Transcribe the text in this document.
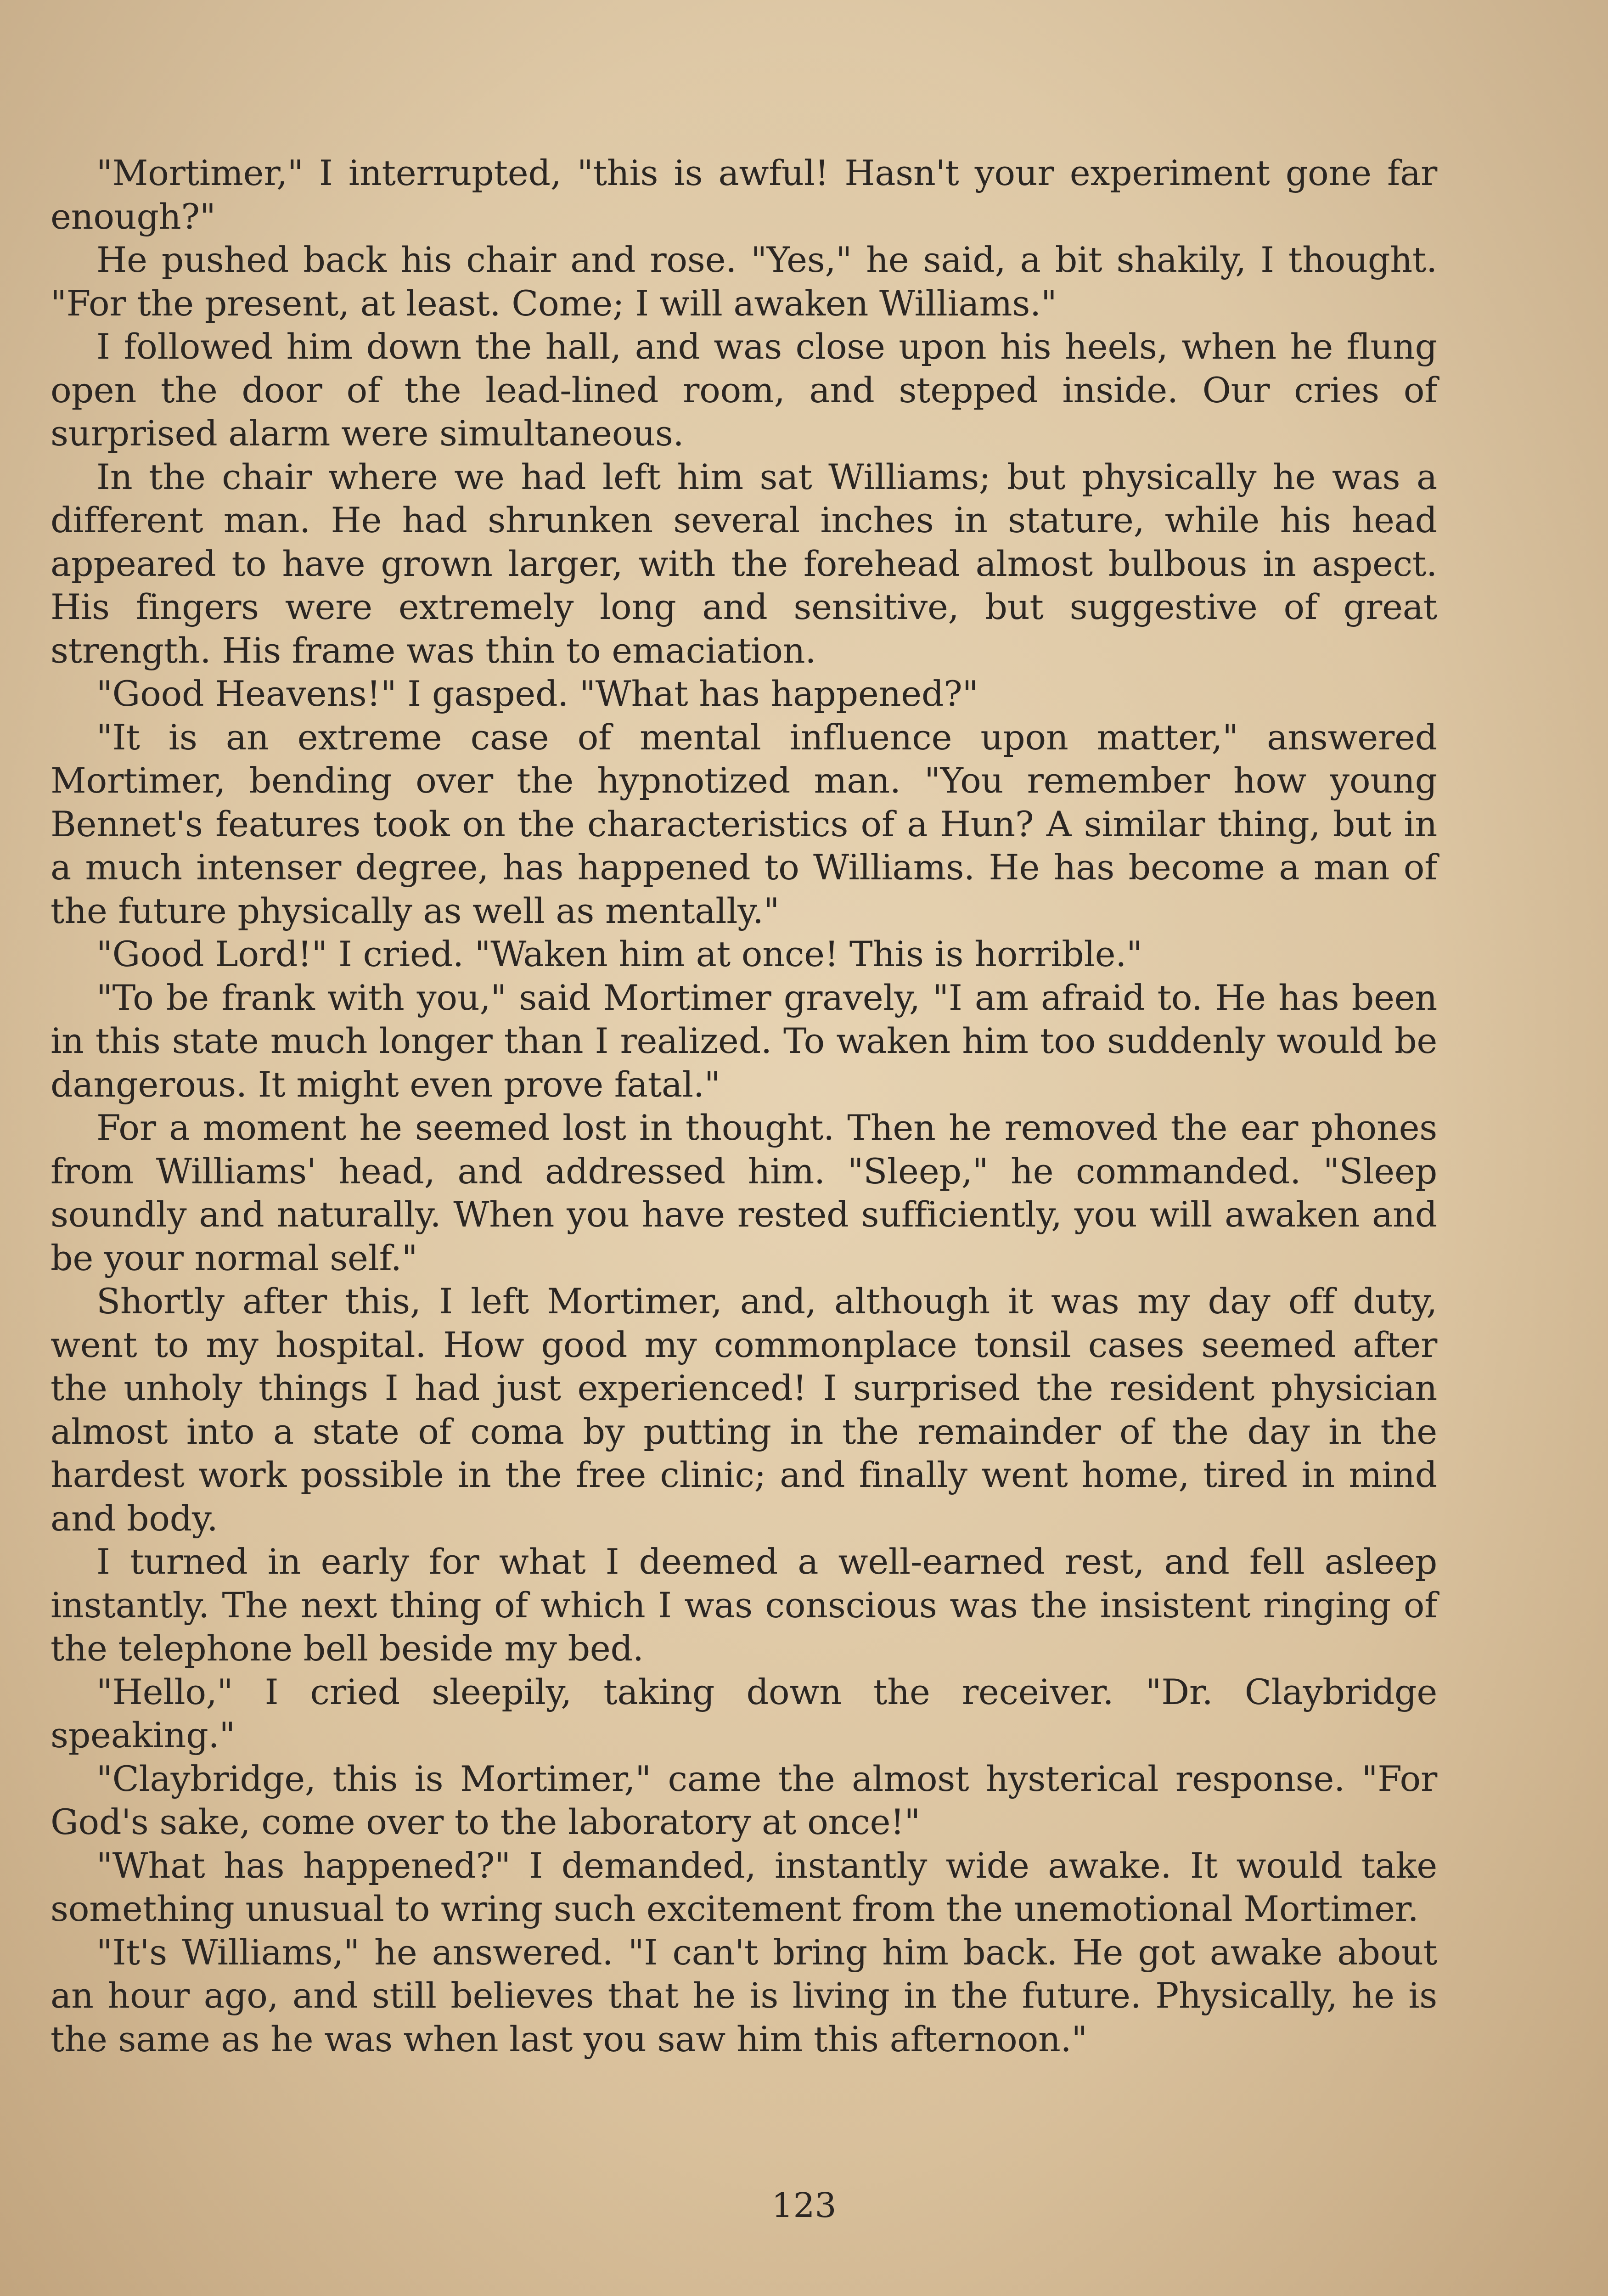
"Mortimer," I interrupted, "this is awful! Hasn't your experiment gone far enough?"

He pushed back his chair and rose. "Yes," he said, a bit shakily, I thought. "For the present, at least. Come; I will awaken Williams."

I followed him down the hall, and was close upon his heels, when he flung open the door of the lead-lined room, and stepped inside. Our cries of surprised alarm were simultaneous.

In the chair where we had left him sat Williams; but physically he was a different man. He had shrunken several inches in stature, while his head appeared to have grown larger, with the forehead almost bulbous in aspect. His fingers were extremely long and sensitive, but suggestive of great strength. His frame was thin to emaciation.

"Good Heavens!" I gasped. "What has happened?"

"It is an extreme case of mental influence upon matter," answered Mortimer, bending over the hypnotized man. "You remember how young Bennet's features took on the characteristics of a Hun? A similar thing, but in a much intenser degree, has happened to Williams. He has become a man of the future physically as well as mentally."

"Good Lord!" I cried. "Waken him at once! This is horrible."

"To be frank with you," said Mortimer gravely, "I am afraid to. He has been in this state much longer than I realized. To waken him too suddenly would be dangerous. It might even prove fatal."

For a moment he seemed lost in thought. Then he removed the ear phones from Williams' head, and addressed him. "Sleep," he commanded. "Sleep soundly and naturally. When you have rested sufficiently, you will awaken and be your normal self."

Shortly after this, I left Mortimer, and, although it was my day off duty, went to my hospital. How good my commonplace tonsil cases seemed after the unholy things I had just experienced! I surprised the resident physician almost into a state of coma by putting in the remainder of the day in the hardest work possible in the free clinic; and finally went home, tired in mind and body.

I turned in early for what I deemed a well-earned rest, and fell asleep instantly. The next thing of which I was conscious was the insistent ringing of the telephone bell beside my bed.

"Hello," I cried sleepily, taking down the receiver. "Dr. Claybridge speaking."

"Claybridge, this is Mortimer," came the almost hysterical response. "For God's sake, come over to the laboratory at once!"

"What has happened?" I demanded, instantly wide awake. It would take something unusual to wring such excitement from the unemotional Mortimer.

"It's Williams," he answered. "I can't bring him back. He got awake about an hour ago, and still believes that he is living in the future. Physically, he is the same as he was when last you saw him this afternoon."

123
